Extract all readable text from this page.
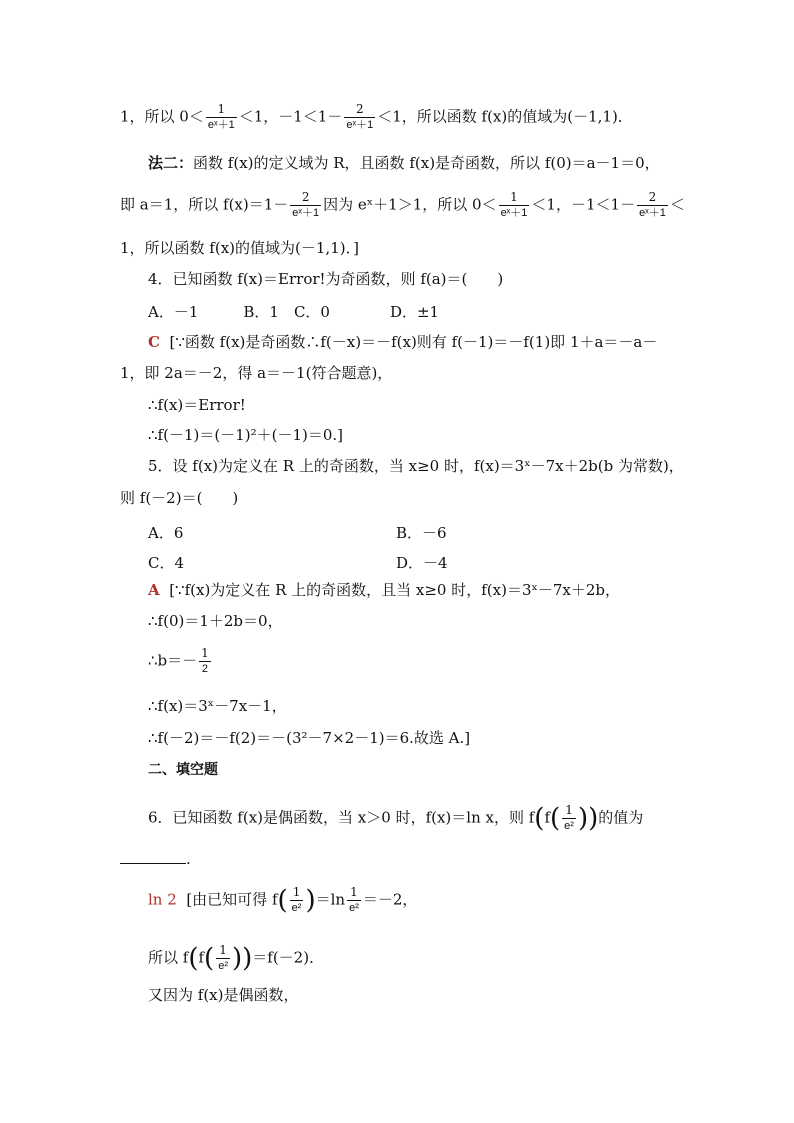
1，所以 $0< \frac{1}{\text{eˣ＋1}} <1$，$-1<1- \frac{2}{\text{eˣ＋1}} <1$，所以函数 f(x)的值域为(－1,1)．
法二：函数 f(x)的定义域为 R，且函数 f(x)是奇函数，所以 f(0)＝a－1＝0，
即 a＝1，所以 $f(x)=1- \frac{2}{\text{eˣ＋1}}$ 因为 eˣ＋1＞1，所以 $0< \frac{1}{\text{eˣ＋1}} <1$，$-1<1- \frac{2}{\text{eˣ＋1}}$ ＜
1，所以函数 f(x)的值域为(－1,1)．]
4．已知函数 f(x)＝Error!为奇函数，则 f(a)＝(　　)
A．－1　　　B．1　C．0　　　　D．±1
C [∵函数 f(x)是奇函数∴f(－x)＝－f(x)则有 f(－1)＝－f(1)即 1＋a＝－a－
1，即 2a＝－2，得 a＝－1(符合题意)，
∴f(x)＝Error!
∴f(－1)＝(－1)²＋(－1)＝0.]
5．设 f(x)为定义在 R 上的奇函数，当 x≥0 时，f(x)＝3ˣ－7x＋2b(b 为常数)，
则 f(－2)＝(　　)
A．6	B．－6
C．4	D．－4
A [∵f(x)为定义在 R 上的奇函数，且当 x≥0 时，f(x)＝3ˣ－7x＋2b，
∴f(0)＝1＋2b＝0，
∴b＝－ $\frac{1}{2}$
∴f(x)＝3ˣ－7x－1，
∴f(－2)＝－f(2)＝－(3²－7×2－1)＝6.故选 A.]
二、填空题
6．已知函数 f(x)是偶函数，当 x＞0 时，f(x)＝ln x，则 $f(f( \frac{1}{\text{e²}}$ ))的值为
.
ln 2 [由已知可得 $f( \frac{1}{\text{e²}} )=\ln \frac{1}{\text{e²}} =-2$，
所以 $f(f( \frac{1}{\text{e²}} ))=f(-2)$．
又因为 f(x)是偶函数，
